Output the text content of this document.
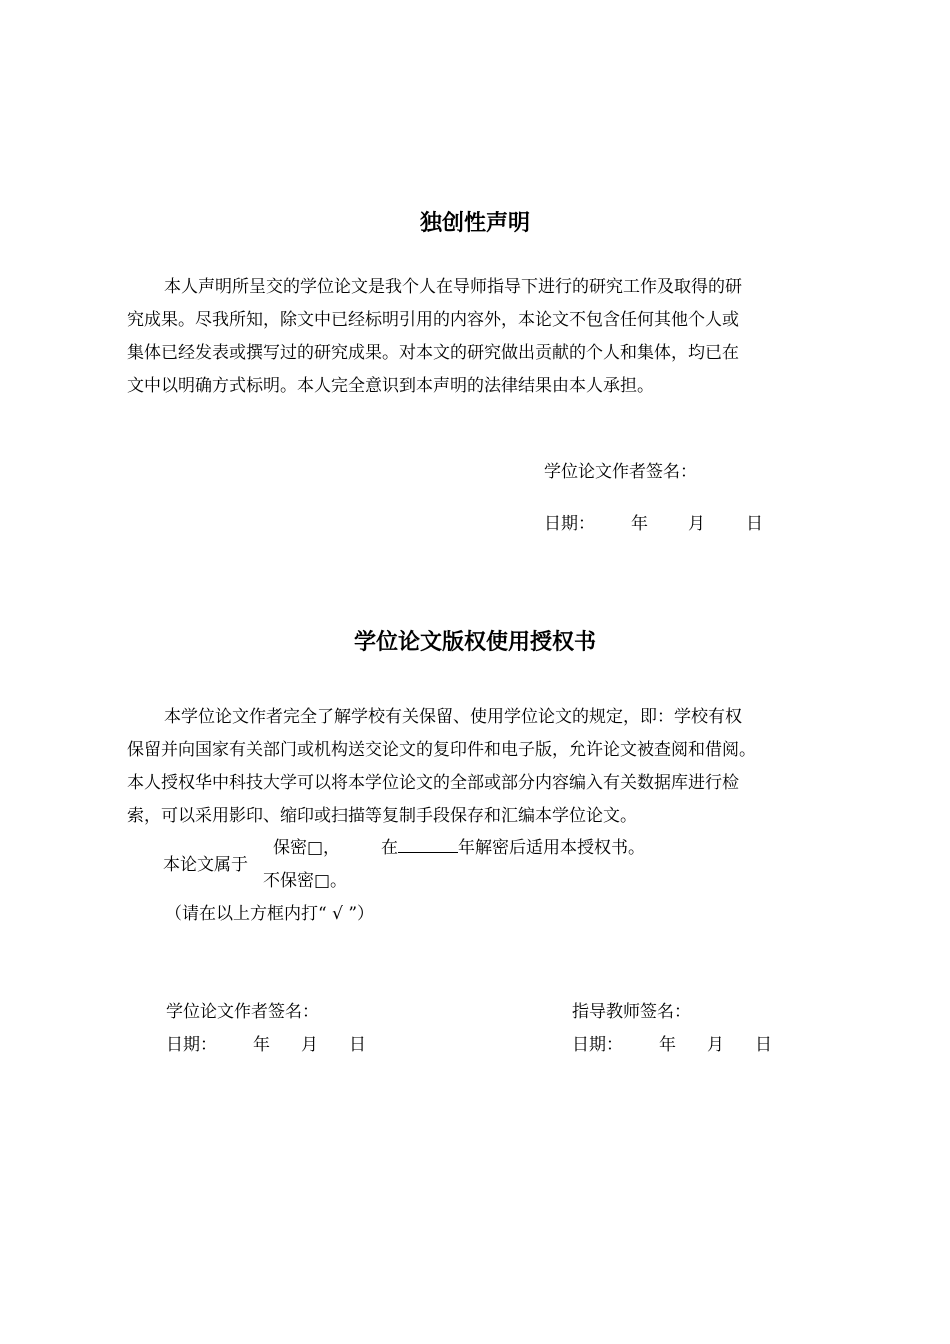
独创性声明

本人声明所呈交的学位论文是我个人在导师指导下进行的研究工作及取得的研

究成果。尽我所知，除文中已经标明引用的内容外，本论文不包含任何其他个人或

集体已经发表或撰写过的研究成果。对本文的研究做出贡献的个人和集体，均已在

文中以明确方式标明。本人完全意识到本声明的法律结果由本人承担。

学位论文作者签名：
日期： 年 月 日
学位论文版权使用授权书

本学位论文作者完全了解学校有关保留、使用学位论文的规定，即：学校有权

保留并向国家有关部门或机构送交论文的复印件和电子版，允许论文被查阅和借阅。

本人授权华中科技大学可以将本学位论文的全部或部分内容编入有关数据库进行检

索，可以采用影印、缩印或扫描等复制手段保存和汇编本学位论文。

本论文属于
保密□， 在	年解密后适用本授权书。
不保密□。
（请在以上方框内打“ √ ”）
学位论文作者签名：	指导教师签名：
日期： 年 月 日	日期： 年 月 日
